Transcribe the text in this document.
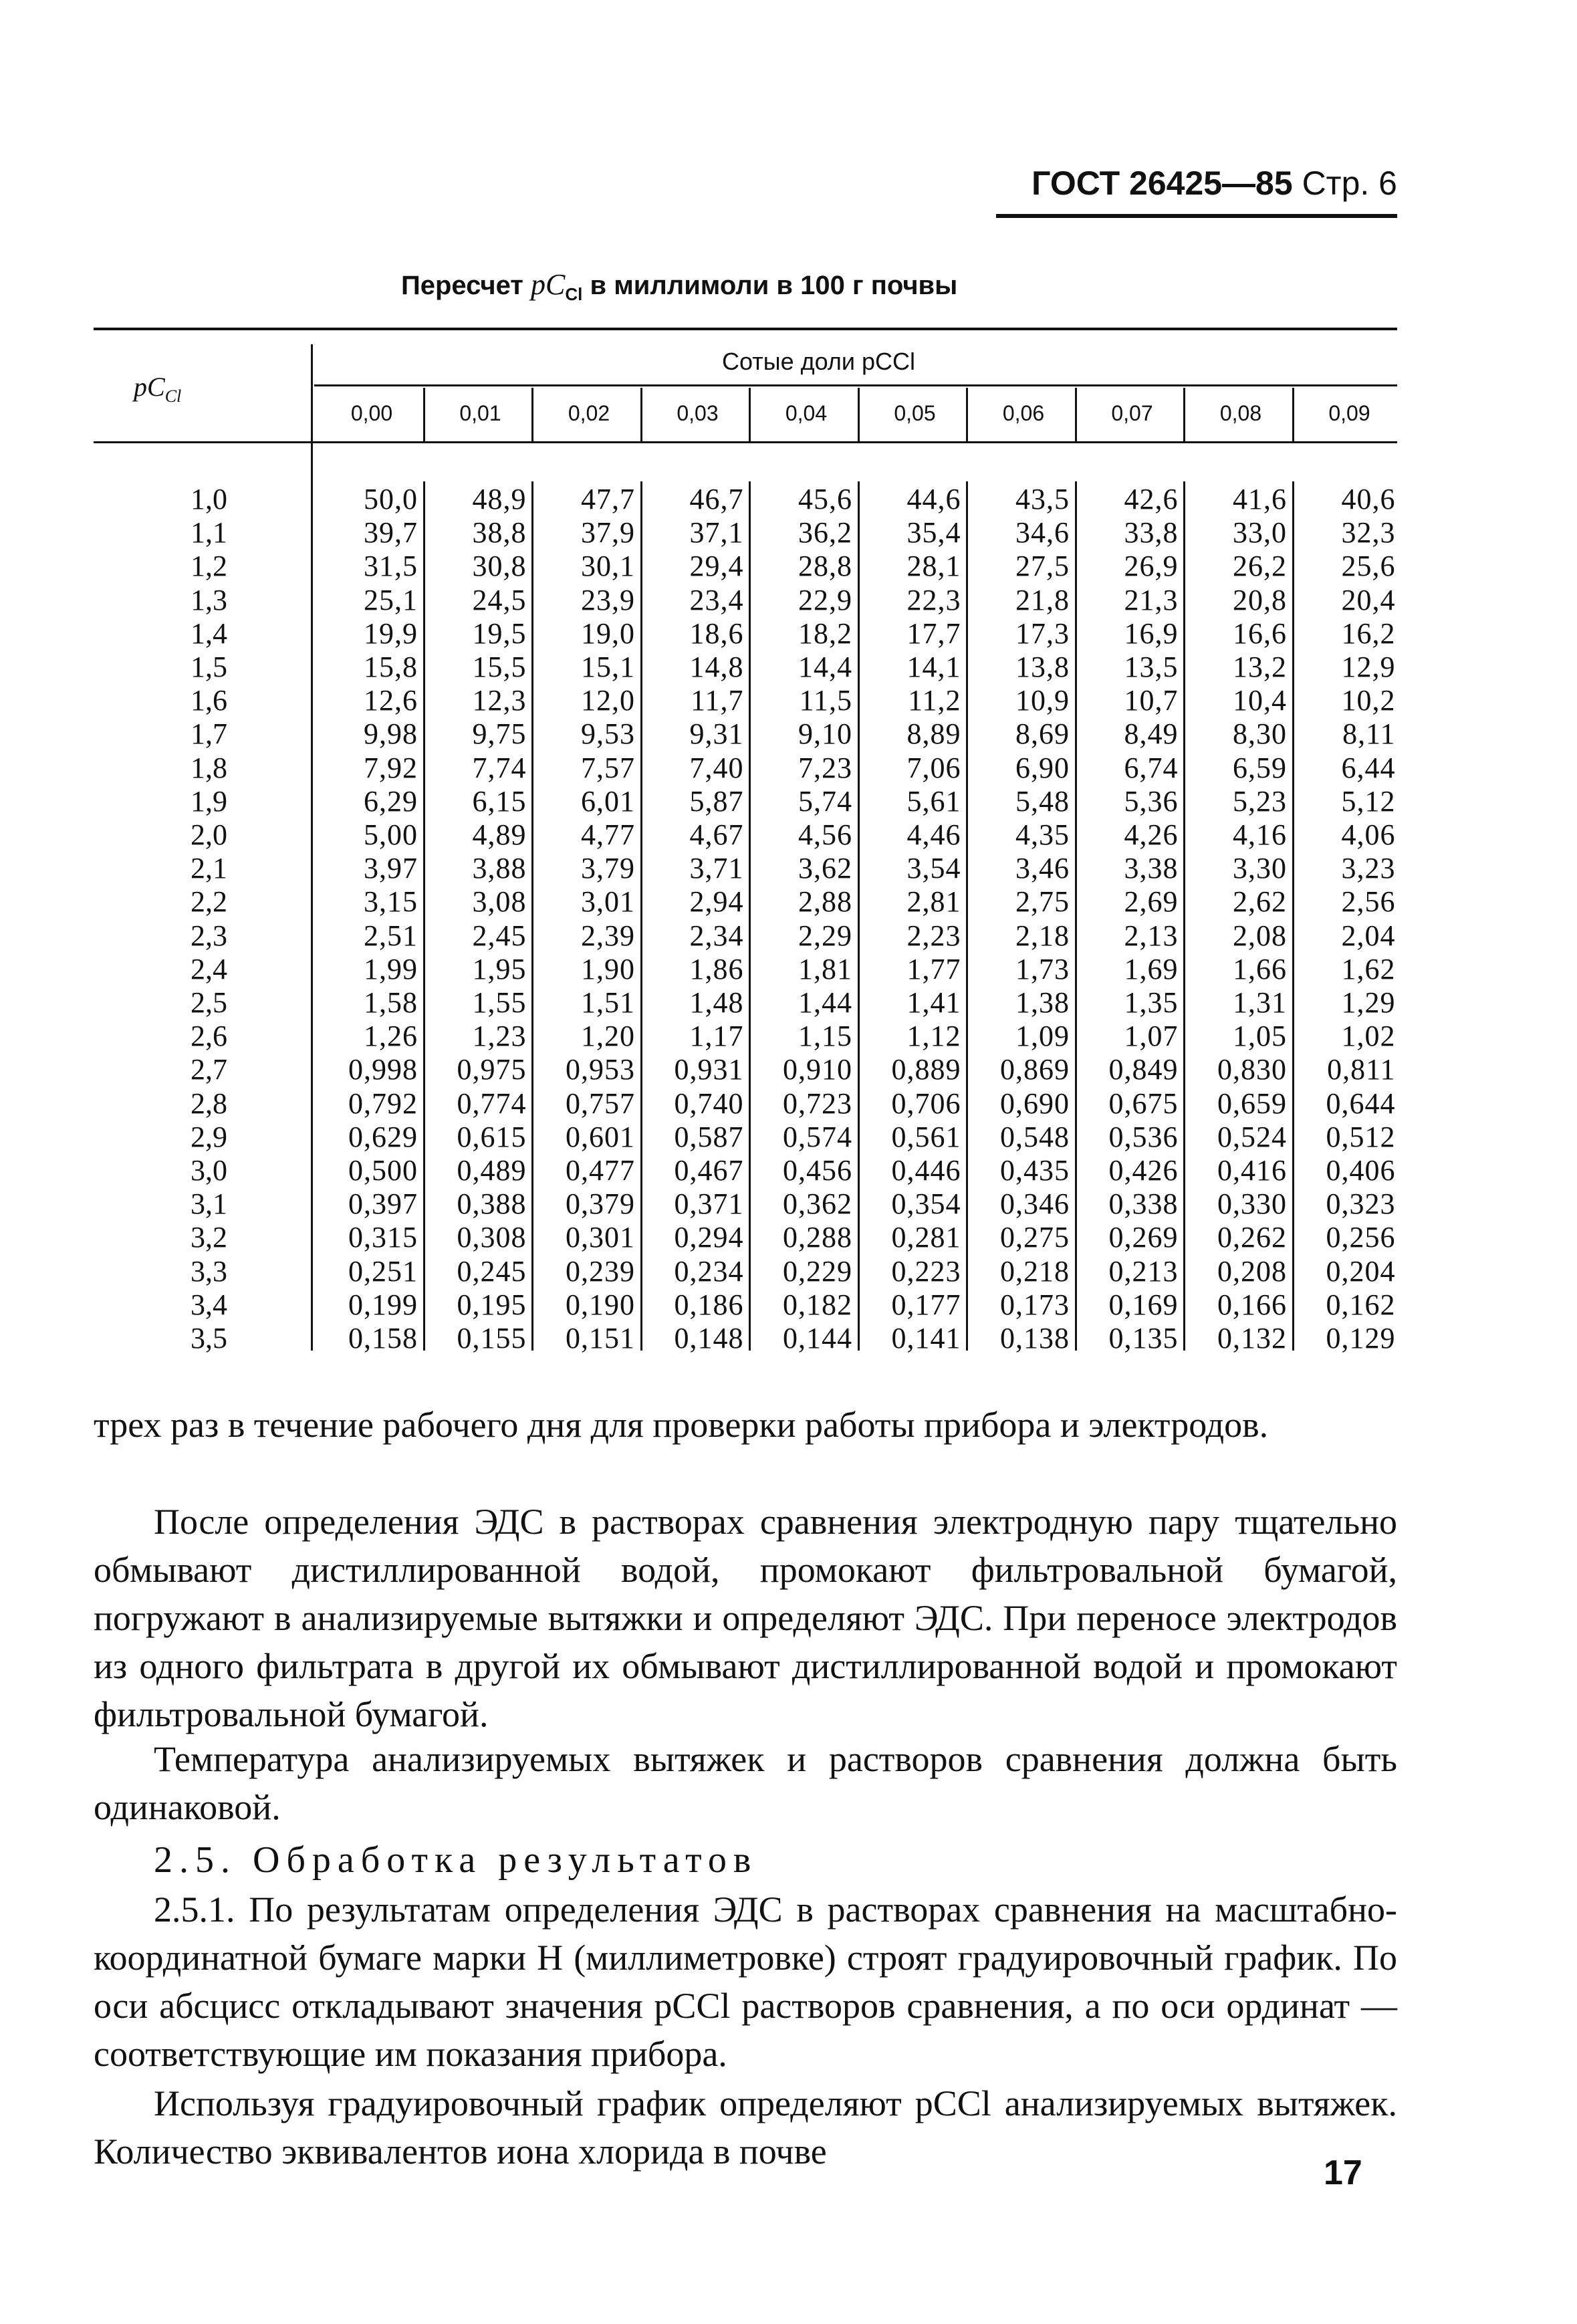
ГОСТ 26425—85 Стр. 6
Пересчет $pC_{Cl}$ в миллимоли в 100 г почвы
$pC_{Cl}$
Сотые доли pCCl
0,00	0,01	0,02	0,03	0,04	0,05	0,06	0,07	0,08	0,09
1,0	50,0	48,9	47,7	46,7	45,6	44,6	43,5	42,6	41,6	40,6
1,1	39,7	38,8	37,9	37,1	36,2	35,4	34,6	33,8	33,0	32,3
1,2	31,5	30,8	30,1	29,4	28,8	28,1	27,5	26,9	26,2	25,6
1,3	25,1	24,5	23,9	23,4	22,9	22,3	21,8	21,3	20,8	20,4
1,4	19,9	19,5	19,0	18,6	18,2	17,7	17,3	16,9	16,6	16,2
1,5	15,8	15,5	15,1	14,8	14,4	14,1	13,8	13,5	13,2	12,9
1,6	12,6	12,3	12,0	11,7	11,5	11,2	10,9	10,7	10,4	10,2
1,7	9,98	9,75	9,53	9,31	9,10	8,89	8,69	8,49	8,30	8,11
1,8	7,92	7,74	7,57	7,40	7,23	7,06	6,90	6,74	6,59	6,44
1,9	6,29	6,15	6,01	5,87	5,74	5,61	5,48	5,36	5,23	5,12
2,0	5,00	4,89	4,77	4,67	4,56	4,46	4,35	4,26	4,16	4,06
2,1	3,97	3,88	3,79	3,71	3,62	3,54	3,46	3,38	3,30	3,23
2,2	3,15	3,08	3,01	2,94	2,88	2,81	2,75	2,69	2,62	2,56
2,3	2,51	2,45	2,39	2,34	2,29	2,23	2,18	2,13	2,08	2,04
2,4	1,99	1,95	1,90	1,86	1,81	1,77	1,73	1,69	1,66	1,62
2,5	1,58	1,55	1,51	1,48	1,44	1,41	1,38	1,35	1,31	1,29
2,6	1,26	1,23	1,20	1,17	1,15	1,12	1,09	1,07	1,05	1,02
2,7	0,998	0,975	0,953	0,931	0,910	0,889	0,869	0,849	0,830	0,811
2,8	0,792	0,774	0,757	0,740	0,723	0,706	0,690	0,675	0,659	0,644
2,9	0,629	0,615	0,601	0,587	0,574	0,561	0,548	0,536	0,524	0,512
3,0	0,500	0,489	0,477	0,467	0,456	0,446	0,435	0,426	0,416	0,406
3,1	0,397	0,388	0,379	0,371	0,362	0,354	0,346	0,338	0,330	0,323
3,2	0,315	0,308	0,301	0,294	0,288	0,281	0,275	0,269	0,262	0,256
3,3	0,251	0,245	0,239	0,234	0,229	0,223	0,218	0,213	0,208	0,204
3,4	0,199	0,195	0,190	0,186	0,182	0,177	0,173	0,169	0,166	0,162
3,5	0,158	0,155	0,151	0,148	0,144	0,141	0,138	0,135	0,132	0,129
трех раз в течение рабочего дня для проверки работы прибора и электродов.
После определения ЭДС в растворах сравнения электродную пару тщательно обмывают дистиллированной водой, промокают фильтровальной бумагой, погружают в анализируемые вытяжки и определяют ЭДС. При переносе электродов из одного фильтрата в другой их обмывают дистиллированной водой и промокают фильтровальной бумагой.
Температура анализируемых вытяжек и растворов сравнения должна быть одинаковой.
2.5. Обработка результатов
2.5.1. По результатам определения ЭДС в растворах сравнения на масштабно-координатной бумаге марки Н (миллиметровке) строят градуировочный график. По оси абсцисс откладывают значения pCCl растворов сравнения, а по оси ординат — соответствующие им показания прибора.
Используя градуировочный график определяют pCCl анализируемых вытяжек. Количество эквивалентов иона хлорида в почве
17
